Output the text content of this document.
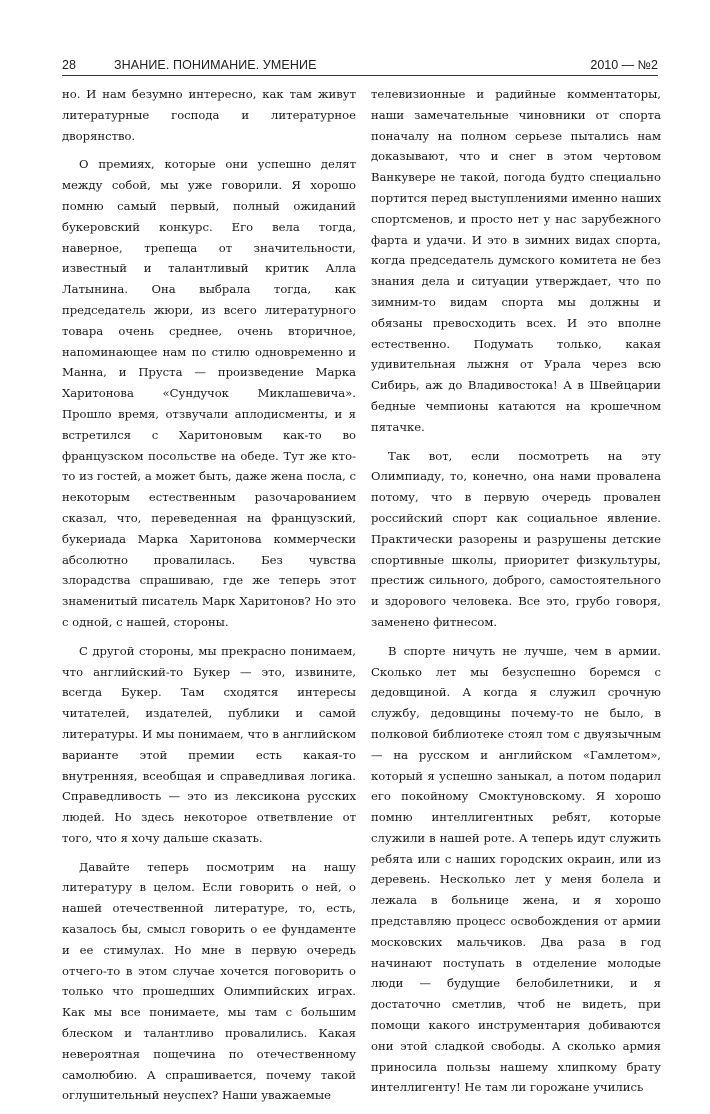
28	ЗНАНИЕ. ПОНИМАНИЕ. УМЕНИЕ	2010 — №2

но. И нам безумно интересно, как там живут литературные господа и литературное дворянство.

О премиях, которые они успешно делят между собой, мы уже говорили. Я хорошо помню самый первый, полный ожиданий букеровский конкурс. Его вела тогда, наверное, трепеща от значительности, известный и талантливый критик Алла Латынина. Она выбрала тогда, как председатель жюри, из всего литературного товара очень среднее, очень вторичное, напоминающее нам по стилю одновременно и Манна, и Пруста — произведение Марка Харитонова «Сундучок Миклашевича». Прошло время, отзвучали аплодисменты, и я встретился с Харитоновым как-то во французском посольстве на обеде. Тут же кто-то из гостей, а может быть, даже жена посла, с некоторым естественным разочарованием сказал, что, переведенная на французский, букериада Марка Харитонова коммерчески абсолютно провалилась. Без чувства злорадства спрашиваю, где же теперь этот знаменитый писатель Марк Харитонов? Но это с одной, с нашей, стороны.

С другой стороны, мы прекрасно понимаем, что английский-то Букер — это, извините, всегда Букер. Там сходятся интересы читателей, издателей, публики и самой литературы. И мы понимаем, что в английском варианте этой премии есть какая-то внутренняя, всеобщая и справедливая логика. Справедливость — это из лексикона русских людей. Но здесь некоторое ответвление от того, что я хочу дальше сказать.

Давайте теперь посмотрим на нашу литературу в целом. Если говорить о ней, о нашей отечественной литературе, то, есть, казалось бы, смысл говорить о ее фундаменте и ее стимулах. Но мне в первую очередь отчего-то в этом случае хочется поговорить о только что прошедших Олимпийских играх. Как мы все понимаете, мы там с большим блеском и талантливо провалились. Какая невероятная пощечина по отечественному самолюбию. А спрашивается, почему такой оглушительный неуспех? Наши уважаемые

телевизионные и радийные комментаторы, наши замечательные чиновники от спорта поначалу на полном серьезе пытались нам доказывают, что и снег в этом чертовом Ванкувере не такой, погода будто специально портится перед выступлениями именно наших спортсменов, и просто нет у нас зарубежного фарта и удачи. И это в зимних видах спорта, когда председатель думского комитета не без знания дела и ситуации утверждает, что по зимним-то видам спорта мы должны и обязаны превосходить всех. И это вполне естественно. Подумать только, какая удивительная лыжня от Урала через всю Сибирь, аж до Владивостока! А в Швейцарии бедные чемпионы катаются на крошечном пятачке.

Так вот, если посмотреть на эту Олимпиаду, то, конечно, она нами провалена потому, что в первую очередь провален российский спорт как социальное явление. Практически разорены и разрушены детские спортивные школы, приоритет физкультуры, престиж сильного, доброго, самостоятельного и здорового человека. Все это, грубо говоря, заменено фитнесом.

В спорте ничуть не лучше, чем в армии. Сколько лет мы безуспешно боремся с дедовщиной. А когда я служил срочную службу, дедовщины почему-то не было, в полковой библиотеке стоял том с двуязычным — на русском и английском «Гамлетом», который я успешно заныкал, а потом подарил его покойному Смоктуновскому. Я хорошо помню интеллигентных ребят, которые служили в нашей роте. А теперь идут служить ребята или с наших городских окраин, или из деревень. Несколько лет у меня болела и лежала в больнице жена, и я хорошо представляю процесс освобождения от армии московских мальчиков. Два раза в год начинают поступать в отделение молодые люди — будущие белобилетники, и я достаточно сметлив, чтоб не видеть, при помощи какого инструментария добиваются они этой сладкой свободы. А сколько армия приносила пользы нашему хлипкому брату интеллигенту! Не там ли горожане учились
